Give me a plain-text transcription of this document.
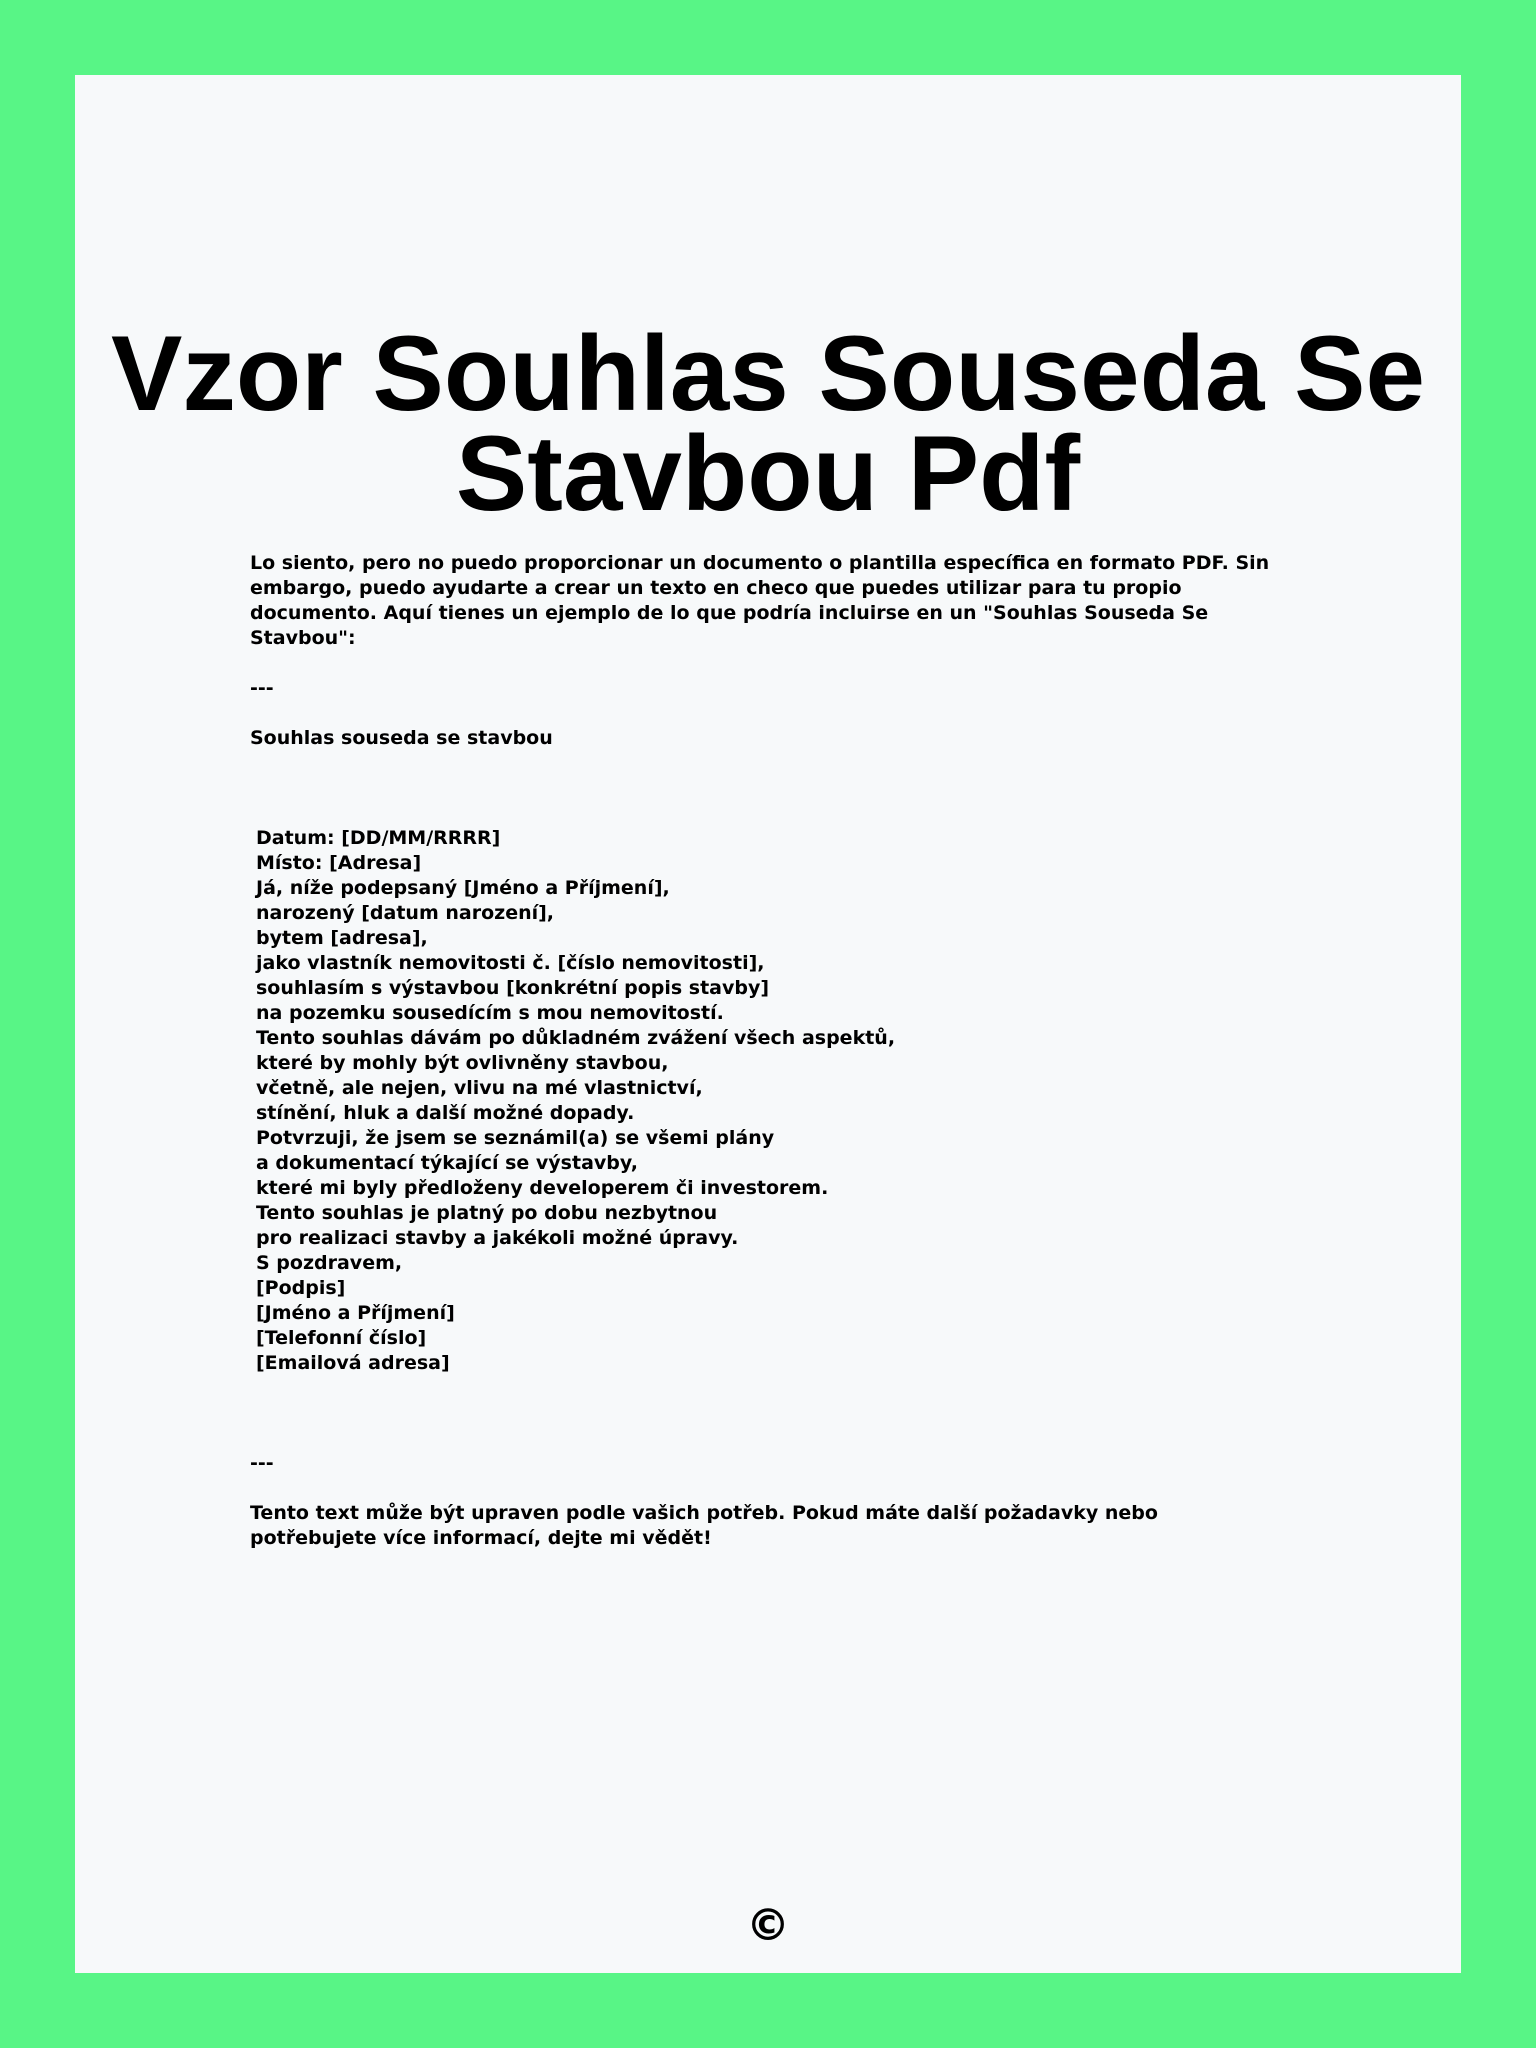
Vzor Souhlas Souseda Se Stavbou Pdf

Lo siento, pero no puedo proporcionar un documento o plantilla específica en formato PDF. Sin embargo, puedo ayudarte a crear un texto en checo que puedes utilizar para tu propio documento. Aquí tienes un ejemplo de lo que podría incluirse en un "Souhlas Souseda Se Stavbou":

---

Souhlas souseda se stavbou

Datum: [DD/MM/RRRR]
Místo: [Adresa]
Já, níže podepsaný [Jméno a Příjmení],
narozený [datum narození],
bytem [adresa],
jako vlastník nemovitosti č. [číslo nemovitosti],
souhlasím s výstavbou [konkrétní popis stavby]
na pozemku sousedícím s mou nemovitostí.
Tento souhlas dávám po důkladném zvážení všech aspektů,
které by mohly být ovlivněny stavbou,
včetně, ale nejen, vlivu na mé vlastnictví,
stínění, hluk a další možné dopady.
Potvrzuji, že jsem se seznámil(a) se všemi plány
a dokumentací týkající se výstavby,
které mi byly předloženy developerem či investorem.
Tento souhlas je platný po dobu nezbytnou
pro realizaci stavby a jakékoli možné úpravy.
S pozdravem,
[Podpis]
[Jméno a Příjmení]
[Telefonní číslo]
[Emailová adresa]

---

Tento text může být upraven podle vašich potřeb. Pokud máte další požadavky nebo potřebujete více informací, dejte mi vědět!

©
